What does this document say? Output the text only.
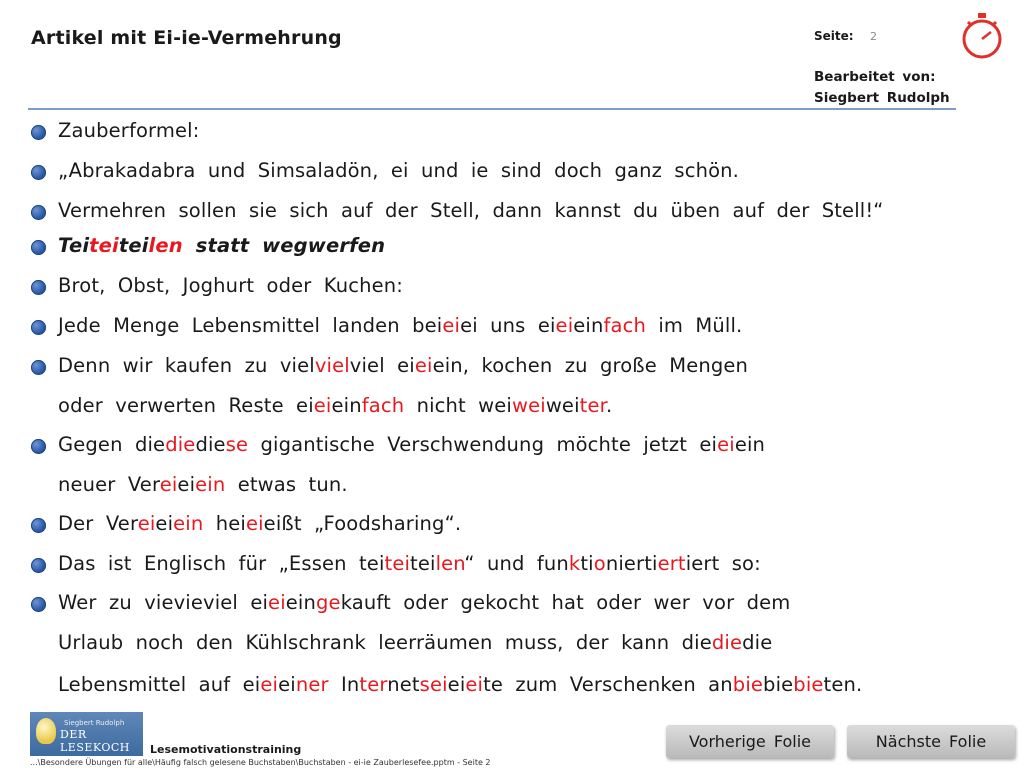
Artikel mit Ei-ie-Vermehrung	Seite: 2
Bearbeitet von:
Siegbert Rudolph
Zauberformel:
„Abrakadabra und Simsaladön, ei und ie sind doch ganz schön.
Vermehren sollen sie sich auf der Stell, dann kannst du üben auf der Stell!“
Teiteiteilen statt wegwerfen
Brot, Obst, Joghurt oder Kuchen:
Jede Menge Lebensmittel landen beieiei uns eieieinfach im Müll.
Denn wir kaufen zu vielvielviel eieiein, kochen zu große Mengen
oder verwerten Reste eieieinfach nicht weiweiweiter.
Gegen diediediese gigantische Verschwendung möchte jetzt eieiein
neuer Vereieiein etwas tun.
Der Vereieiein heieieißt „Foodsharing“.
Das ist Englisch für „Essen teiteiteilen“ und funktioniertiertiert so:
Wer zu vievieviel eieieingekauft oder gekocht hat oder wer vor dem
Urlaub noch den Kühlschrank leerräumen muss, der kann diediedie
Lebensmittel auf eieieiner Internetseieieite zum Verschenken anbiebiebieten.
Siegbert Rudolph
DER LESEKOCH	Lesemotivationstraining
...\Besondere Übungen für alle\Häufig falsch gelesene Buchstaben\Buchstaben - ei-ie Zauberlesefee.pptm - Seite 2
Vorherige Folie	Nächste Folie
